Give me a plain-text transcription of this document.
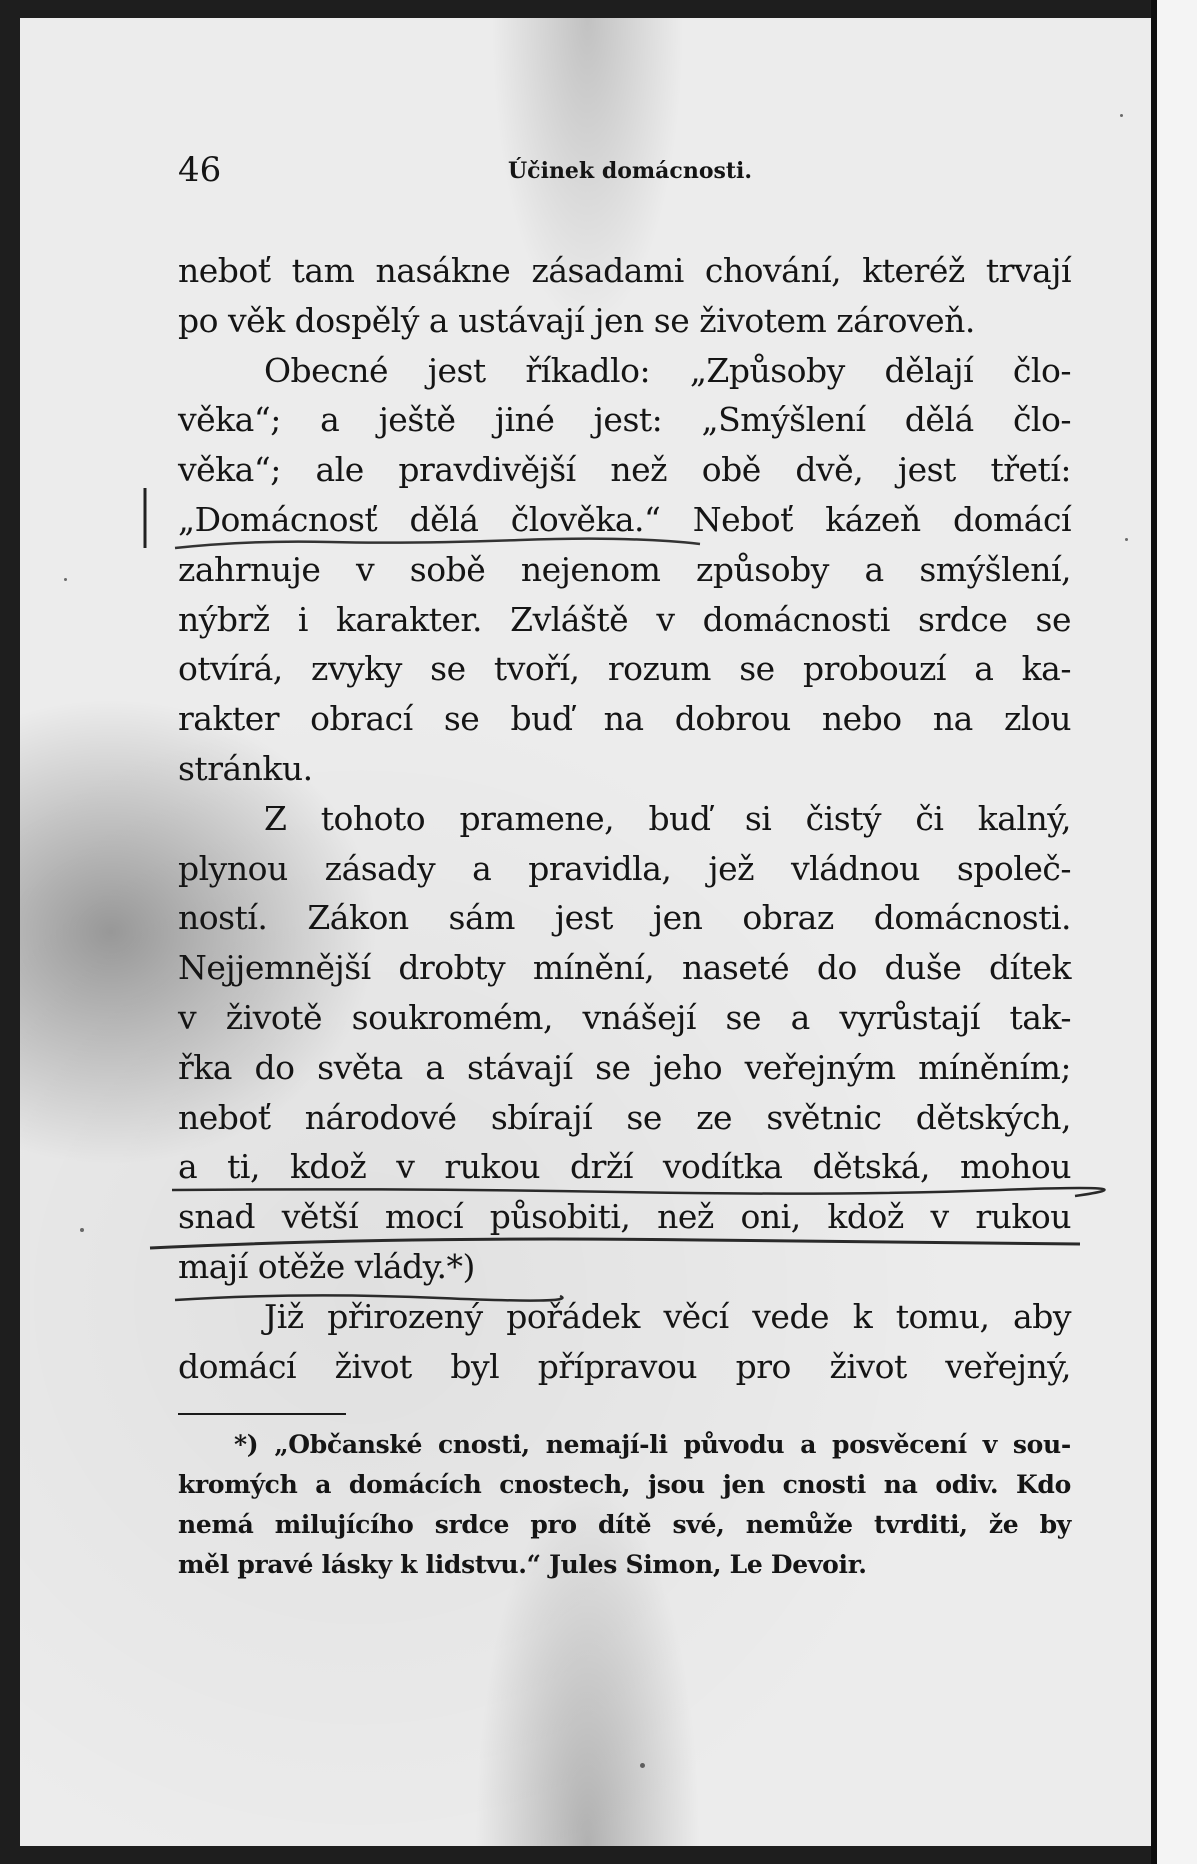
46	Účinek domácnosti.
neboť tam nasákne zásadami chování, kteréž trvají
po věk dospělý a ustávají jen se životem zároveň.
Obecné jest říkadlo: „Způsoby dělají člo-
věka“; a ještě jiné jest: „Smýšlení dělá člo-
věka“; ale pravdivější než obě dvě, jest třetí:
„Domácnosť dělá člověka.“ Neboť kázeň domácí
zahrnuje v sobě nejenom způsoby a smýšlení,
nýbrž i karakter. Zvláště v domácnosti srdce se
otvírá, zvyky se tvoří, rozum se probouzí a ka-
rakter obrací se buď na dobrou nebo na zlou
stránku.
Z tohoto pramene, buď si čistý či kalný,
plynou zásady a pravidla, jež vládnou společ-
ností. Zákon sám jest jen obraz domácnosti.
Nejjemnější drobty mínění, naseté do duše dítek
v životě soukromém, vnášejí se a vyrůstají tak-
řka do světa a stávají se jeho veřejným míněním;
neboť národové sbírají se ze světnic dětských,
a ti, kdož v rukou drží vodítka dětská, mohou
snad větší mocí působiti, než oni, kdož v rukou
mají otěže vlády.*)
Již přirozený pořádek věcí vede k tomu, aby
domácí život byl přípravou pro život veřejný,
*) „Občanské cnosti, nemají-li původu a posvěcení v sou-
kromých a domácích cnostech, jsou jen cnosti na odiv. Kdo
nemá milujícího srdce pro dítě své, nemůže tvrditi, že by
měl pravé lásky k lidstvu.“ Jules Simon, Le Devoir.
